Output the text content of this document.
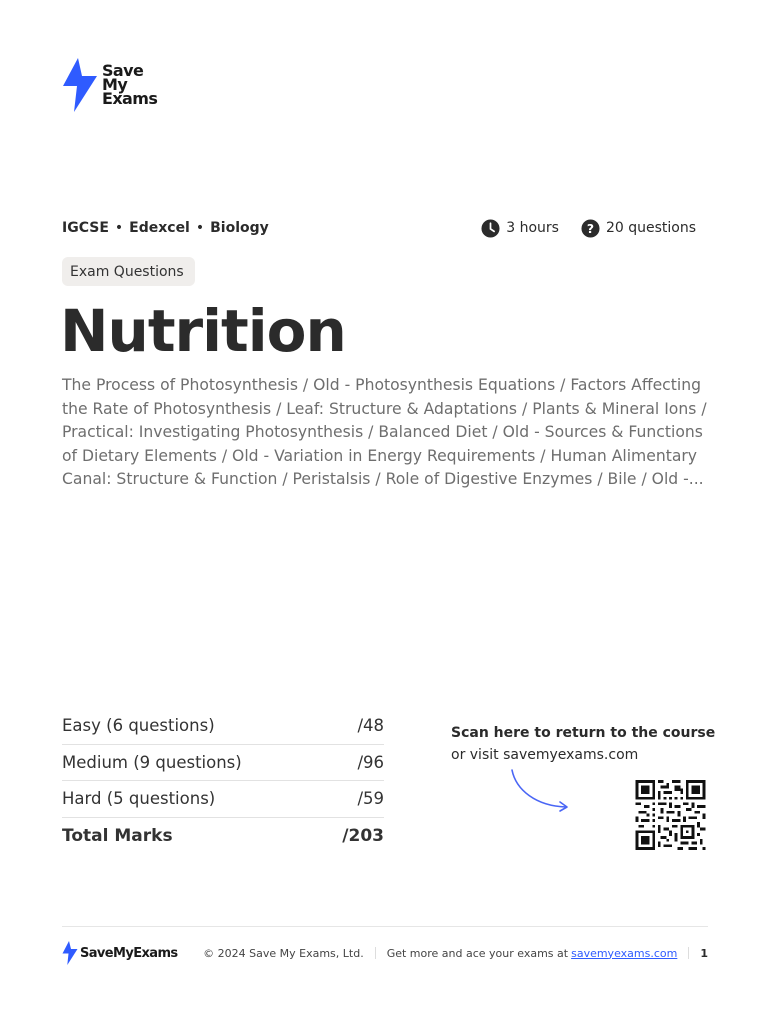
Save
My
Exams
IGCSE • Edexcel • Biology	3 hours ? 20 questions
Exam Questions
Nutrition

The Process of Photosynthesis / Old - Photosynthesis Equations / Factors Affecting the Rate of Photosynthesis / Leaf: Structure & Adaptations / Plants & Mineral Ions / Practical: Investigating Photosynthesis / Balanced Diet / Old - Sources & Functions of Dietary Elements / Old - Variation in Energy Requirements / Human Alimentary Canal: Structure & Function / Peristalsis / Role of Digestive Enzymes / Bile / Old -...

Easy (6 questions)	/48
Medium (9 questions)	/96
Hard (5 questions)	/59
Total Marks	/203
Scan here to return to the course
or visit savemyexams.com
SaveMyExams © 2024 Save My Exams, Ltd. Get more and ace your exams at savemyexams.com 1
